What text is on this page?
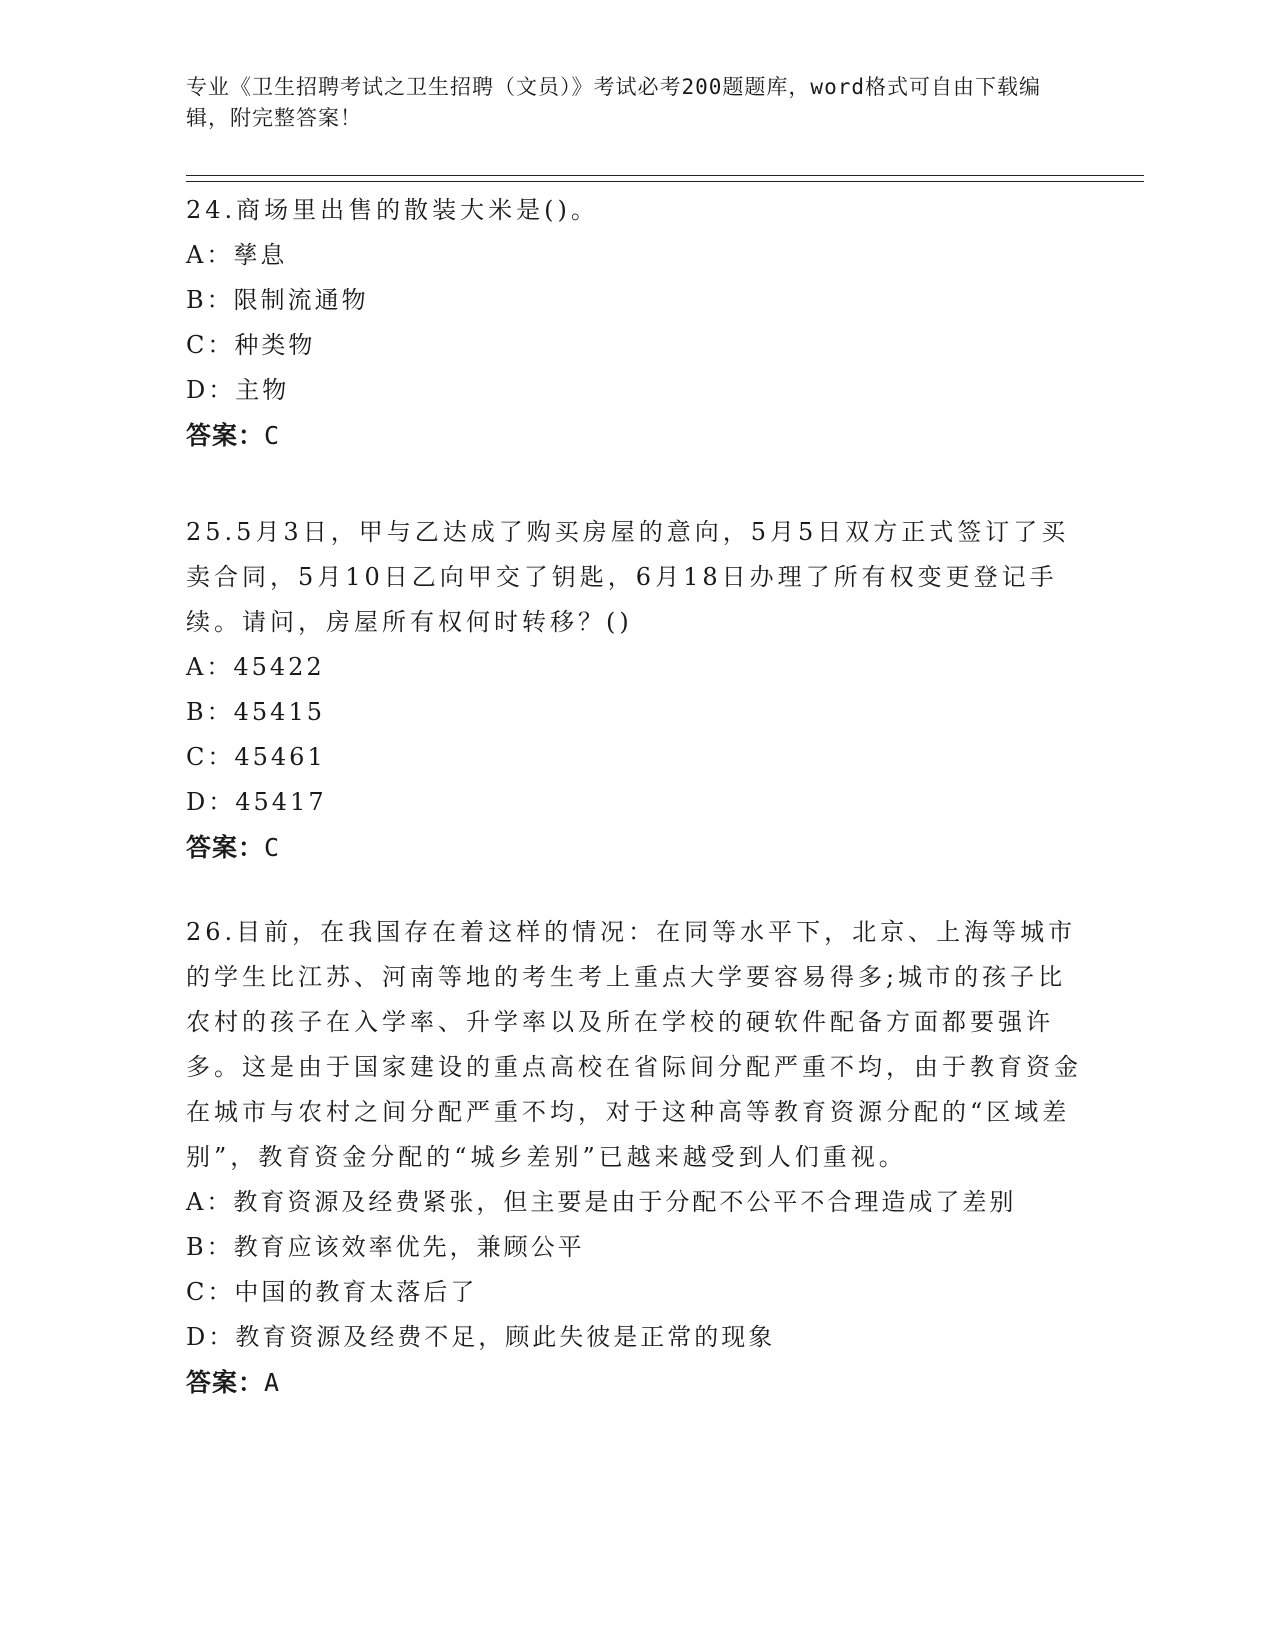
专业《卫生招聘考试之卫生招聘（文员）》考试必考200题题库，word格式可自由下载编辑，附完整答案！
24.商场里出售的散装大米是()。
A：孳息
B：限制流通物
C：种类物
D：主物
答案：C
25.5月3日，甲与乙达成了购买房屋的意向，5月5日双方正式签订了买卖合同，5月10日乙向甲交了钥匙，6月18日办理了所有权变更登记手续。请问，房屋所有权何时转移？()
A：45422
B：45415
C：45461
D：45417
答案：C
26.目前，在我国存在着这样的情况：在同等水平下，北京、上海等城市的学生比江苏、河南等地的考生考上重点大学要容易得多;城市的孩子比农村的孩子在入学率、升学率以及所在学校的硬软件配备方面都要强许多。这是由于国家建设的重点高校在省际间分配严重不均，由于教育资金在城市与农村之间分配严重不均，对于这种高等教育资源分配的“区域差别”，教育资金分配的“城乡差别”已越来越受到人们重视。
A：教育资源及经费紧张，但主要是由于分配不公平不合理造成了差别
B：教育应该效率优先，兼顾公平
C：中国的教育太落后了
D：教育资源及经费不足，顾此失彼是正常的现象
答案：A
